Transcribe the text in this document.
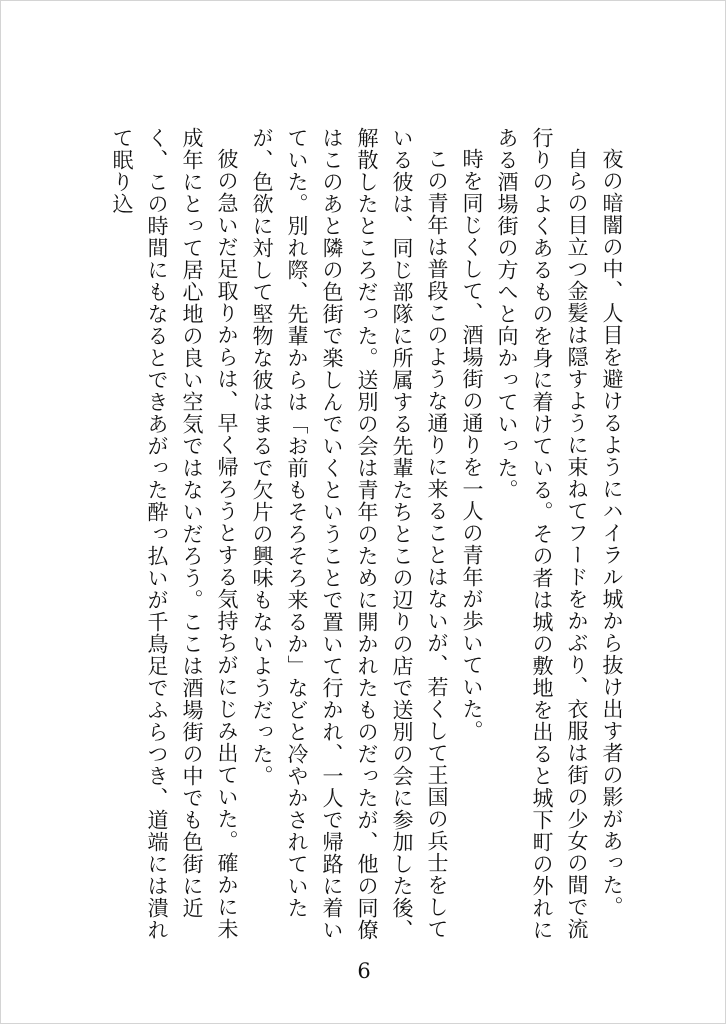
夜の暗闇の中、人目を避けるようにハイラル城から抜け出す者の影があった。

自らの目立つ金髪は隠すように束ねてフードをかぶり、衣服は街の少女の間で流行りのよくあるものを身に着けている。その者は城の敷地を出ると城下町の外れにある酒場街の方へと向かっていった。

時を同じくして、酒場街の通りを一人の青年が歩いていた。

この青年は普段このような通りに来ることはないが、若くして王国の兵士をしている彼は、同じ部隊に所属する先輩たちとこの辺りの店で送別の会に参加した後、解散したところだった。送別の会は青年のために開かれたものだったが、他の同僚はこのあと隣の色街で楽しんでいくということで置いて行かれ、一人で帰路に着いていた。別れ際、先輩からは「お前もそろそろ来るか」などと冷やかされていたが、色欲に対して堅物な彼はまるで欠片の興味もないようだった。

彼の急いだ足取りからは、早く帰ろうとする気持ちがにじみ出ていた。確かに未成年にとって居心地の良い空気ではないだろう。ここは酒場街の中でも色街に近く、この時間にもなるとできあがった酔っ払いが千鳥足でふらつき、道端には潰れて眠り込

6
